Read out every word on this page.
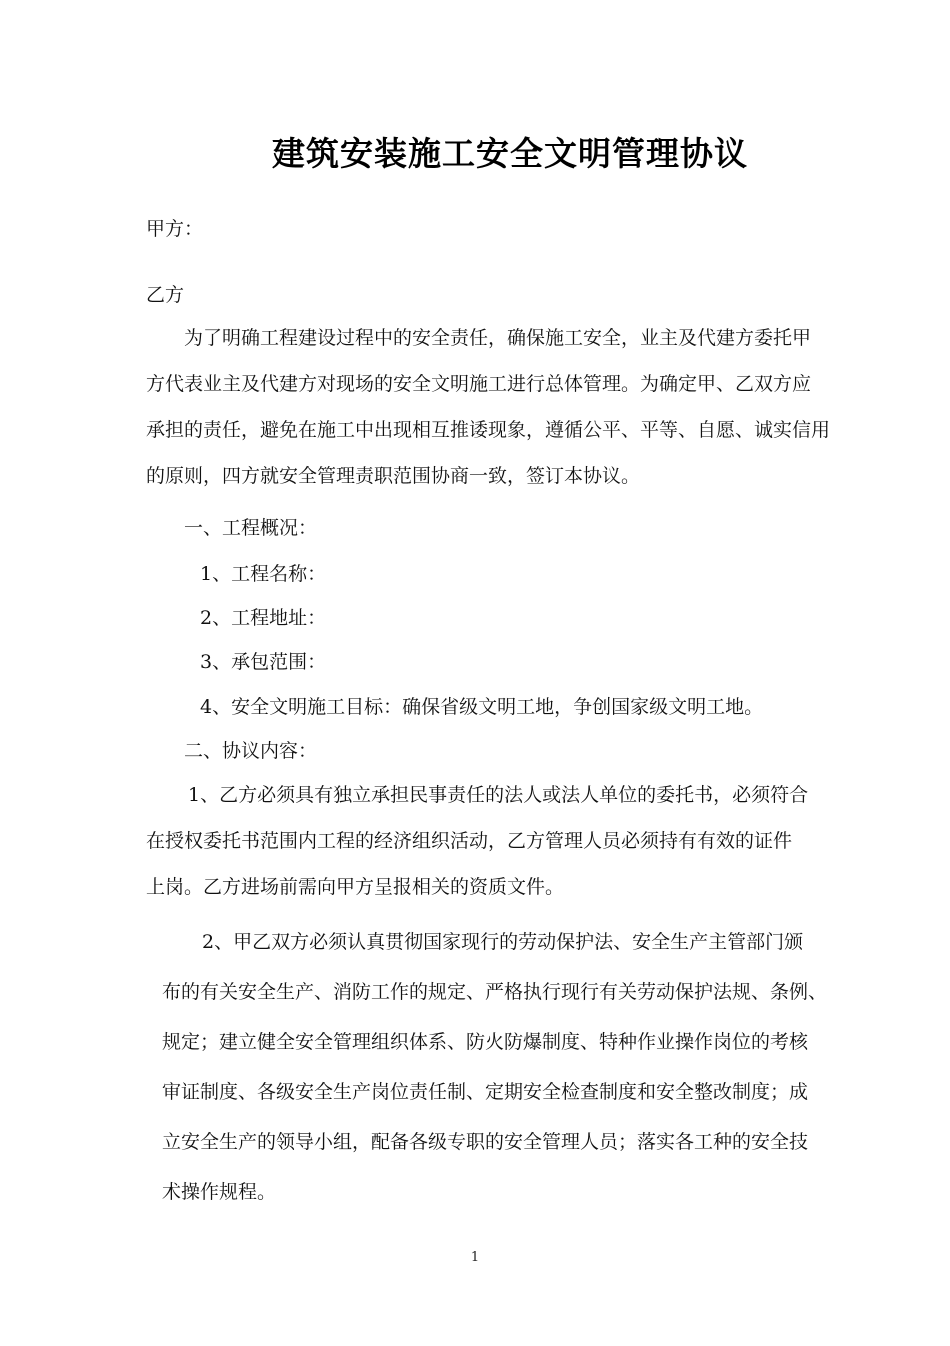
建筑安装施工安全文明管理协议
甲方：
乙方

为了明确工程建设过程中的安全责任，确保施工安全，业主及代建方委托甲

方代表业主及代建方对现场的安全文明施工进行总体管理。为确定甲、乙双方应

承担的责任，避免在施工中出现相互推诿现象，遵循公平、平等、自愿、诚实信用

的原则，四方就安全管理责职范围协商一致，签订本协议。

一、工程概况：
1、工程名称：
2、工程地址：
3、承包范围：
4、安全文明施工目标：确保省级文明工地，争创国家级文明工地。
二、协议内容：

1、乙方必须具有独立承担民事责任的法人或法人单位的委托书，必须符合

在授权委托书范围内工程的经济组织活动，乙方管理人员必须持有有效的证件

上岗。乙方进场前需向甲方呈报相关的资质文件。

2、甲乙双方必须认真贯彻国家现行的劳动保护法、安全生产主管部门颁

布的有关安全生产、消防工作的规定、严格执行现行有关劳动保护法规、条例、

规定；建立健全安全管理组织体系、防火防爆制度、特种作业操作岗位的考核

审证制度、各级安全生产岗位责任制、定期安全检查制度和安全整改制度；成

立安全生产的领导小组，配备各级专职的安全管理人员；落实各工种的安全技

术操作规程。

1
